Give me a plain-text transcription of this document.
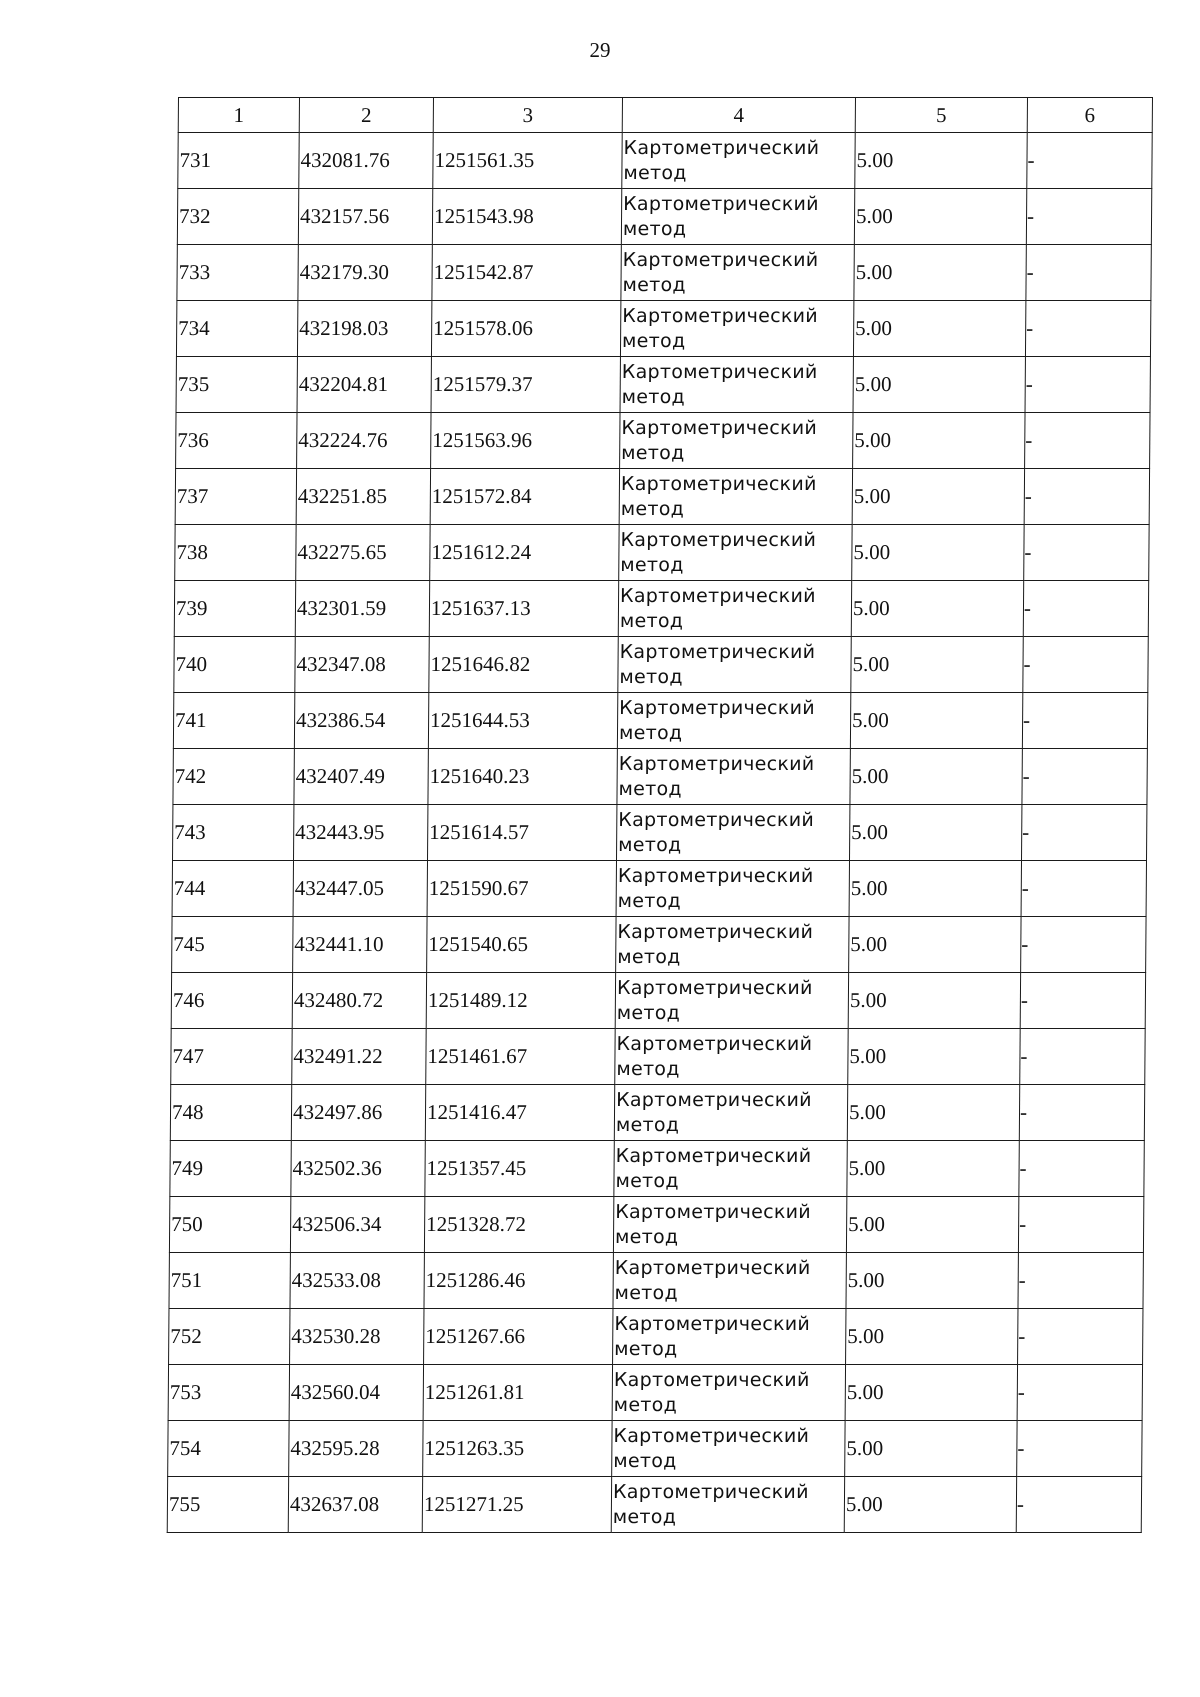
29
1	2	3	4	5	6
731	432081.76	1251561.35	Картометрический
метод	5.00	-
732	432157.56	1251543.98	Картометрический
метод	5.00	-
733	432179.30	1251542.87	Картометрический
метод	5.00	-
734	432198.03	1251578.06	Картометрический
метод	5.00	-
735	432204.81	1251579.37	Картометрический
метод	5.00	-
736	432224.76	1251563.96	Картометрический
метод	5.00	-
737	432251.85	1251572.84	Картометрический
метод	5.00	-
738	432275.65	1251612.24	Картометрический
метод	5.00	-
739	432301.59	1251637.13	Картометрический
метод	5.00	-
740	432347.08	1251646.82	Картометрический
метод	5.00	-
741	432386.54	1251644.53	Картометрический
метод	5.00	-
742	432407.49	1251640.23	Картометрический
метод	5.00	-
743	432443.95	1251614.57	Картометрический
метод	5.00	-
744	432447.05	1251590.67	Картометрический
метод	5.00	-
745	432441.10	1251540.65	Картометрический
метод	5.00	-
746	432480.72	1251489.12	Картометрический
метод	5.00	-
747	432491.22	1251461.67	Картометрический
метод	5.00	-
748	432497.86	1251416.47	Картометрический
метод	5.00	-
749	432502.36	1251357.45	Картометрический
метод	5.00	-
750	432506.34	1251328.72	Картометрический
метод	5.00	-
751	432533.08	1251286.46	Картометрический
метод	5.00	-
752	432530.28	1251267.66	Картометрический
метод	5.00	-
753	432560.04	1251261.81	Картометрический
метод	5.00	-
754	432595.28	1251263.35	Картометрический
метод	5.00	-
755	432637.08	1251271.25	Картометрический
метод	5.00	-
